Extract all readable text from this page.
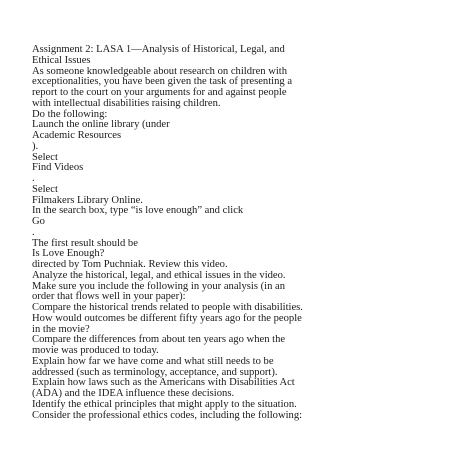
Assignment 2: LASA 1—Analysis of Historical, Legal, and
Ethical Issues
As someone knowledgeable about research on children with
exceptionalities, you have been given the task of presenting a
report to the court on your arguments for and against people
with intellectual disabilities raising children.
Do the following:
Launch the online library (under
Academic Resources
).
Select
Find Videos
.
Select
Filmakers Library Online.
In the search box, type “is love enough” and click
Go
.
The first result should be
Is Love Enough?
directed by Tom Puchniak. Review this video.
Analyze the historical, legal, and ethical issues in the video.
Make sure you include the following in your analysis (in an
order that flows well in your paper):
Compare the historical trends related to people with disabilities.
How would outcomes be different fifty years ago for the people
in the movie?
Compare the differences from about ten years ago when the
movie was produced to today.
Explain how far we have come and what still needs to be
addressed (such as terminology, acceptance, and support).
Explain how laws such as the Americans with Disabilities Act
(ADA) and the IDEA influence these decisions.
Identify the ethical principles that might apply to the situation.
Consider the professional ethics codes, including the following:
